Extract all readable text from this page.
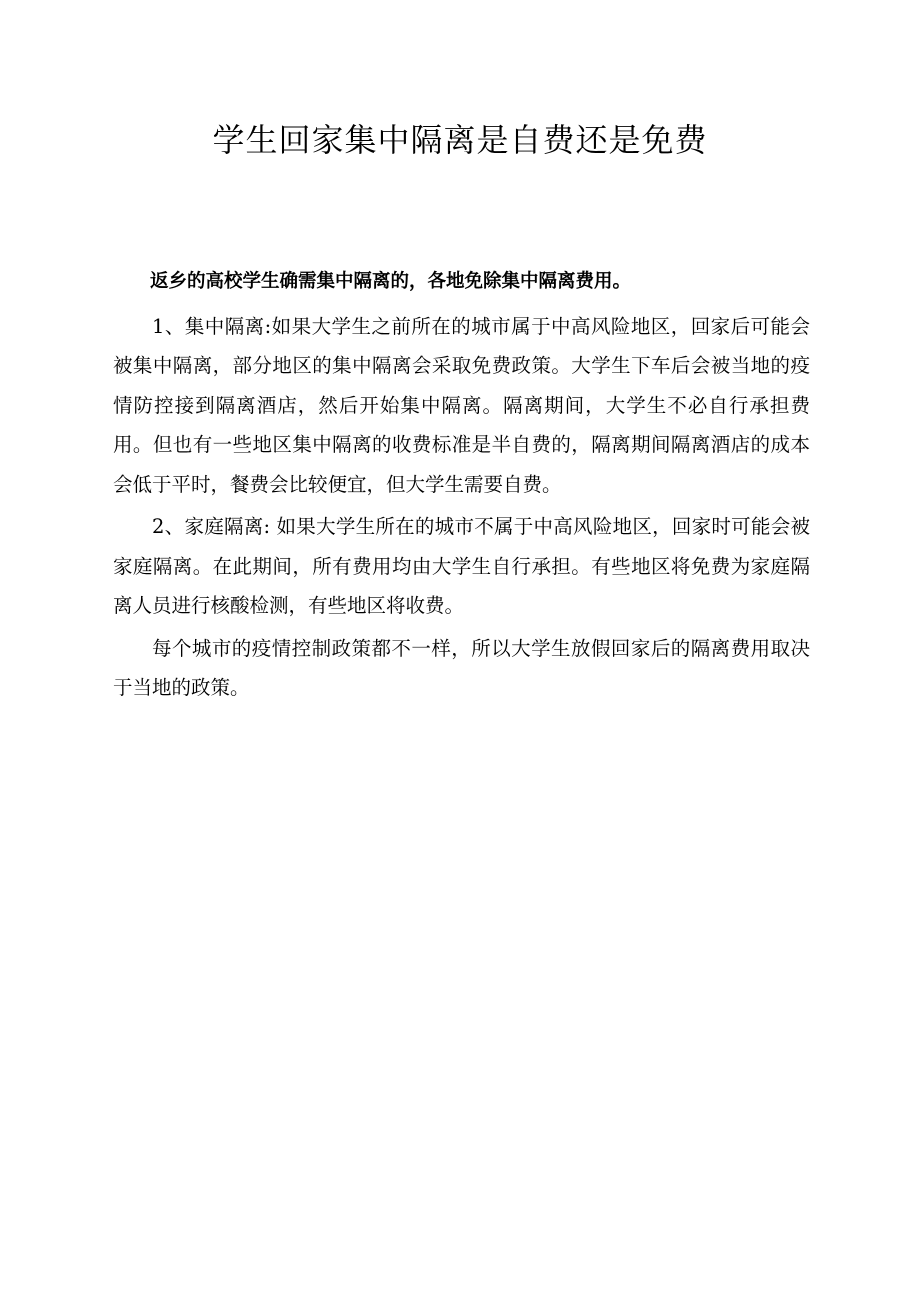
学生回家集中隔离是自费还是免费

返乡的高校学生确需集中隔离的，各地免除集中隔离费用。

1、集中隔离:如果大学生之前所在的城市属于中高风险地区，回家后可能会被集中隔离，部分地区的集中隔离会采取免费政策。大学生下车后会被当地的疫情防控接到隔离酒店，然后开始集中隔离。隔离期间，大学生不必自行承担费用。但也有一些地区集中隔离的收费标准是半自费的，隔离期间隔离酒店的成本会低于平时，餐费会比较便宜，但大学生需要自费。

2、家庭隔离: 如果大学生所在的城市不属于中高风险地区，回家时可能会被家庭隔离。在此期间，所有费用均由大学生自行承担。有些地区将免费为家庭隔离人员进行核酸检测，有些地区将收费。

每个城市的疫情控制政策都不一样，所以大学生放假回家后的隔离费用取决于当地的政策。
